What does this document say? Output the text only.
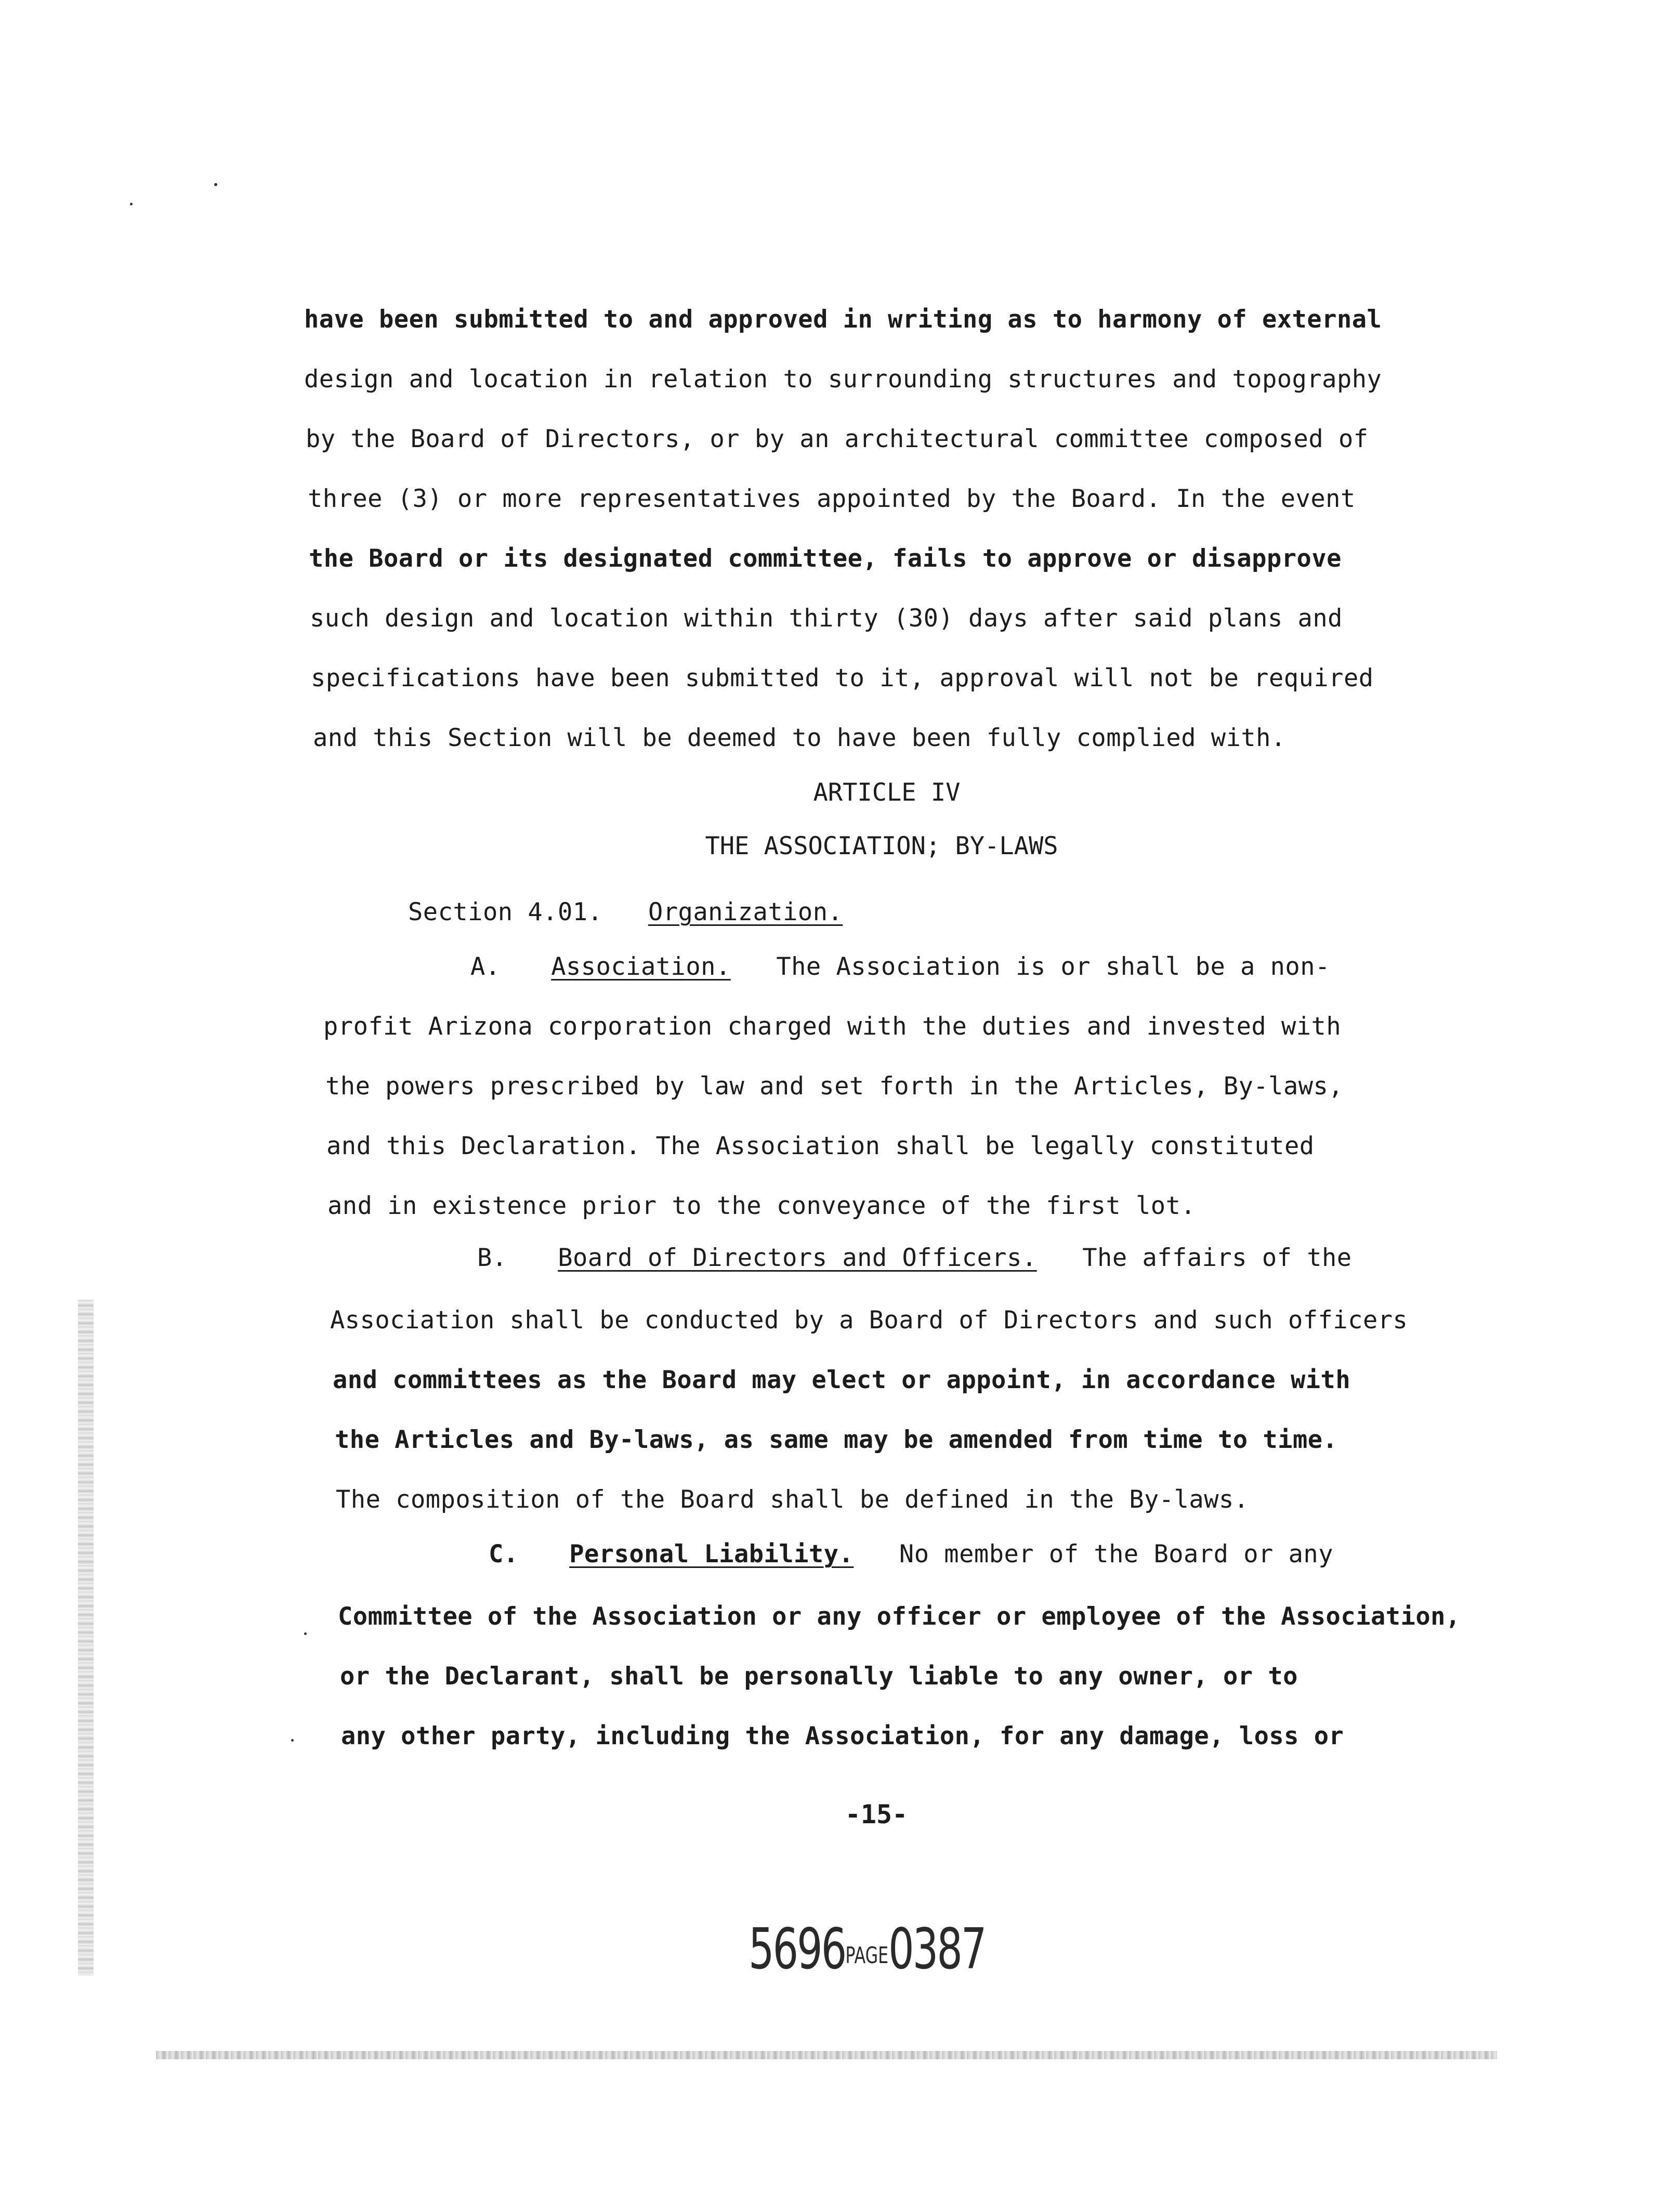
have been submitted to and approved in writing as to harmony of external
design and location in relation to surrounding structures and topography
by the Board of Directors, or by an architectural committee composed of
three (3) or more representatives appointed by the Board. In the event
the Board or its designated committee, fails to approve or disapprove
such design and location within thirty (30) days after said plans and
specifications have been submitted to it, approval will not be required
and this Section will be deemed to have been fully complied with.
ARTICLE IV
THE ASSOCIATION; BY-LAWS
Section 4.01. Organization.
A. Association. The Association is or shall be a non-
profit Arizona corporation charged with the duties and invested with
the powers prescribed by law and set forth in the Articles, By-laws,
and this Declaration. The Association shall be legally constituted
and in existence prior to the conveyance of the first lot.
B. Board of Directors and Officers. The affairs of the
Association shall be conducted by a Board of Directors and such officers
and committees as the Board may elect or appoint, in accordance with
the Articles and By-laws, as same may be amended from time to time.
The composition of the Board shall be defined in the By-laws.
C. Personal Liability. No member of the Board or any
Committee of the Association or any officer or employee of the Association,
or the Declarant, shall be personally liable to any owner, or to
any other party, including the Association, for any damage, loss or
-15-
5696PAGE0387
